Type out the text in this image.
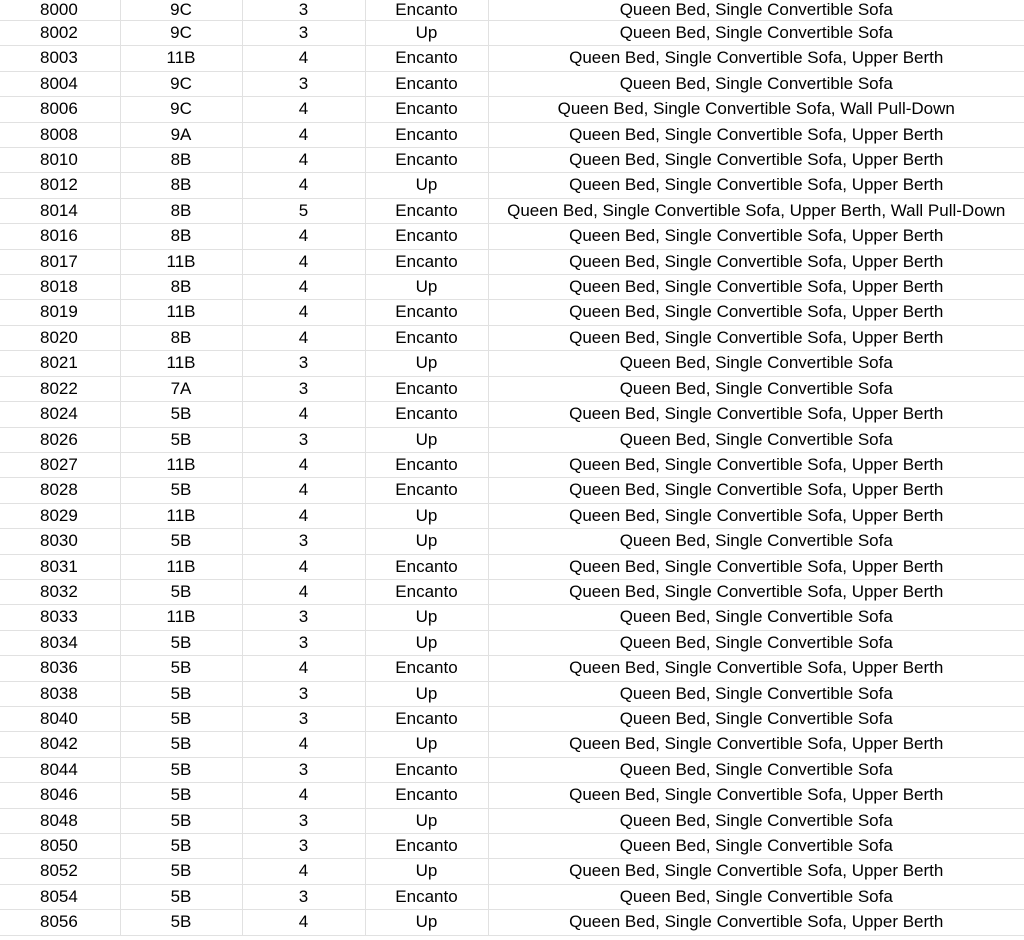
8000	9C	3	Encanto	Queen Bed, Single Convertible Sofa
8002	9C	3	Up	Queen Bed, Single Convertible Sofa
8003	11B	4	Encanto	Queen Bed, Single Convertible Sofa, Upper Berth
8004	9C	3	Encanto	Queen Bed, Single Convertible Sofa
8006	9C	4	Encanto	Queen Bed, Single Convertible Sofa, Wall Pull-Down
8008	9A	4	Encanto	Queen Bed, Single Convertible Sofa, Upper Berth
8010	8B	4	Encanto	Queen Bed, Single Convertible Sofa, Upper Berth
8012	8B	4	Up	Queen Bed, Single Convertible Sofa, Upper Berth
8014	8B	5	Encanto	Queen Bed, Single Convertible Sofa, Upper Berth, Wall Pull-Down
8016	8B	4	Encanto	Queen Bed, Single Convertible Sofa, Upper Berth
8017	11B	4	Encanto	Queen Bed, Single Convertible Sofa, Upper Berth
8018	8B	4	Up	Queen Bed, Single Convertible Sofa, Upper Berth
8019	11B	4	Encanto	Queen Bed, Single Convertible Sofa, Upper Berth
8020	8B	4	Encanto	Queen Bed, Single Convertible Sofa, Upper Berth
8021	11B	3	Up	Queen Bed, Single Convertible Sofa
8022	7A	3	Encanto	Queen Bed, Single Convertible Sofa
8024	5B	4	Encanto	Queen Bed, Single Convertible Sofa, Upper Berth
8026	5B	3	Up	Queen Bed, Single Convertible Sofa
8027	11B	4	Encanto	Queen Bed, Single Convertible Sofa, Upper Berth
8028	5B	4	Encanto	Queen Bed, Single Convertible Sofa, Upper Berth
8029	11B	4	Up	Queen Bed, Single Convertible Sofa, Upper Berth
8030	5B	3	Up	Queen Bed, Single Convertible Sofa
8031	11B	4	Encanto	Queen Bed, Single Convertible Sofa, Upper Berth
8032	5B	4	Encanto	Queen Bed, Single Convertible Sofa, Upper Berth
8033	11B	3	Up	Queen Bed, Single Convertible Sofa
8034	5B	3	Up	Queen Bed, Single Convertible Sofa
8036	5B	4	Encanto	Queen Bed, Single Convertible Sofa, Upper Berth
8038	5B	3	Up	Queen Bed, Single Convertible Sofa
8040	5B	3	Encanto	Queen Bed, Single Convertible Sofa
8042	5B	4	Up	Queen Bed, Single Convertible Sofa, Upper Berth
8044	5B	3	Encanto	Queen Bed, Single Convertible Sofa
8046	5B	4	Encanto	Queen Bed, Single Convertible Sofa, Upper Berth
8048	5B	3	Up	Queen Bed, Single Convertible Sofa
8050	5B	3	Encanto	Queen Bed, Single Convertible Sofa
8052	5B	4	Up	Queen Bed, Single Convertible Sofa, Upper Berth
8054	5B	3	Encanto	Queen Bed, Single Convertible Sofa
8056	5B	4	Up	Queen Bed, Single Convertible Sofa, Upper Berth
